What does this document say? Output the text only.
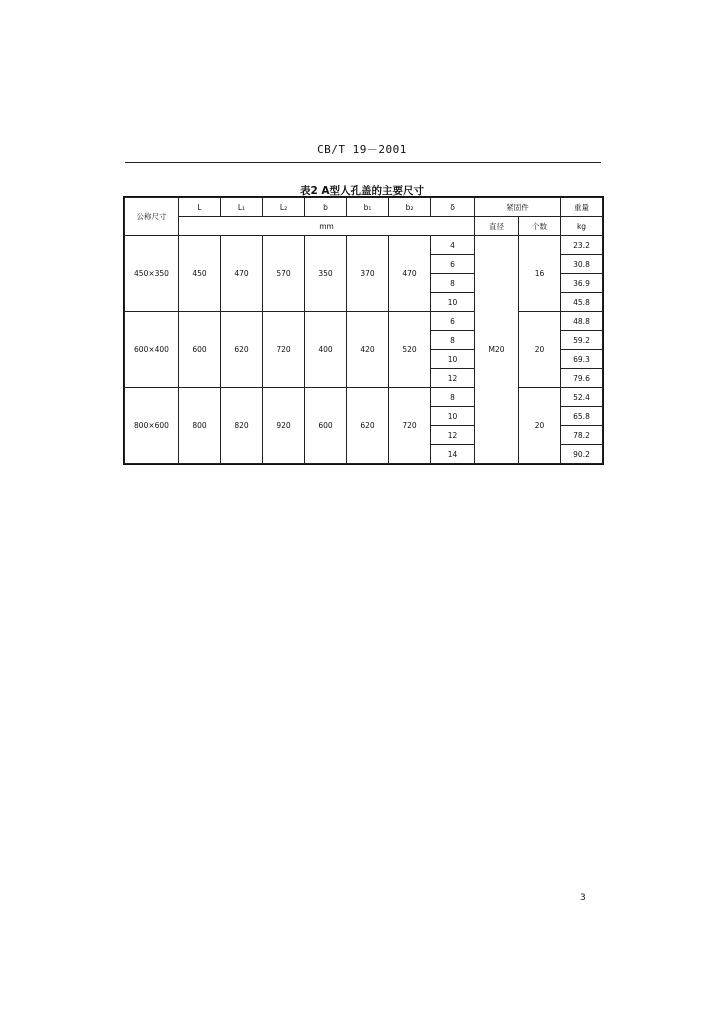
CB/T 19－2001
表2 A型人孔盖的主要尺寸
公称尺寸	L	L₁	L₂	b	b₁	b₂	δ	紧固件		重量
	mm							直径	个数	kg
450×350	450	470	570	350	370	470	4	M20	16	23.2
							6			30.8
							8			36.9
							10			45.8
600×400	600	620	720	400	420	520	6		20	48.8
							8			59.2
							10			69.3
							12			79.6
800×600	800	820	920	600	620	720	8		20	52.4
							10			65.8
							12			78.2
							14			90.2
3
